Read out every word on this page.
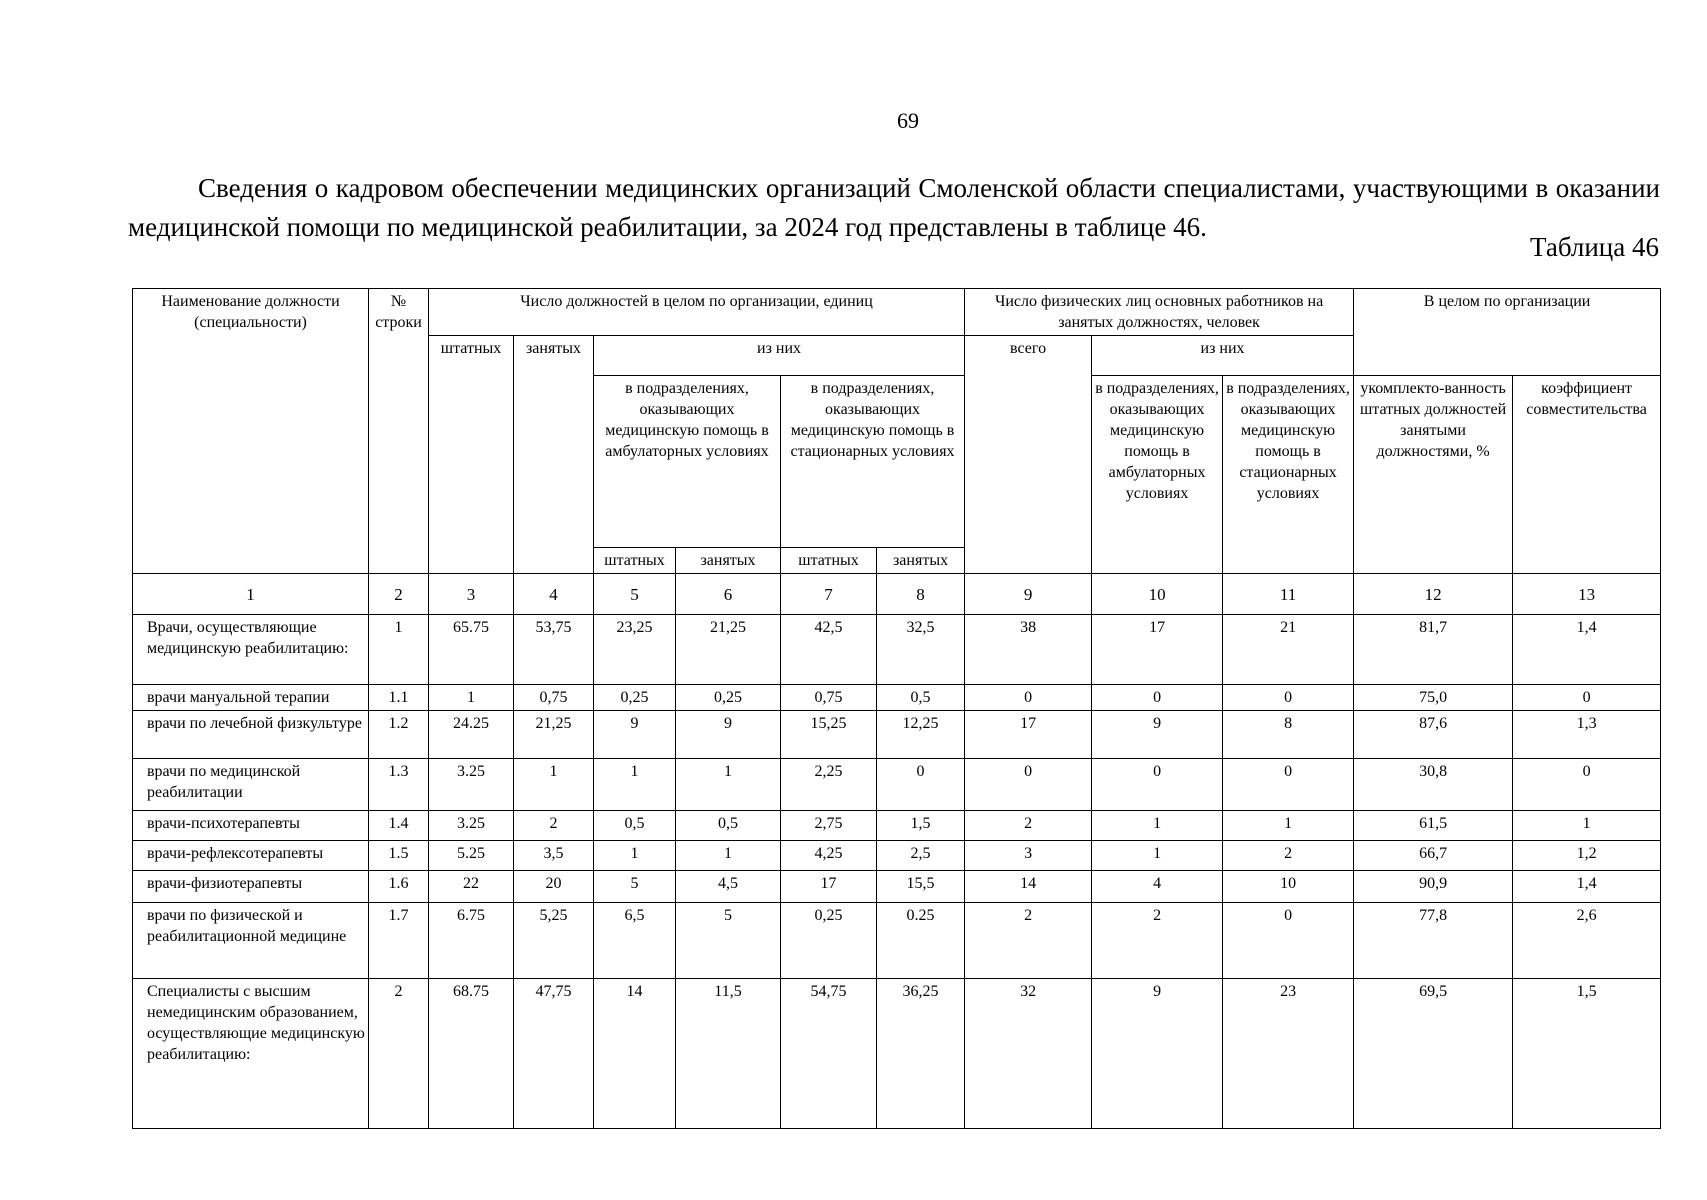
69

Сведения о кадровом обеспечении медицинских организаций Смоленской области специалистами, участвующими в оказании медицинской помощи по медицинской реабилитации, за 2024 год представлены в таблице 46.

Таблица 46
Наименование должности (специальности)	№ строки	Число должностей в целом по организации, единиц						Число физических лиц основных работников на занятых должностях, человек			В целом по организации	
		штатных	занятых	из них				всего	из них			
				в подразделениях, оказывающих медицинскую помощь в амбулаторных условиях		в подразделениях, оказывающих медицинскую помощь в стационарных условиях			в подразделениях, оказывающих медицинскую помощь в амбулаторных условиях	в подразделениях, оказывающих медицинскую помощь в стационарных условиях	укомплекто-ванность штатных должностей занятыми должностями, %	коэффициент совместительства
				штатных	занятых	штатных	занятых					
1	2	3	4	5	6	7	8	9	10	11	12	13
Врачи, осуществляющие медицинскую реабилитацию:	1	65.75	53,75	23,25	21,25	42,5	32,5	38	17	21	81,7	1,4
врачи мануальной терапии	1.1	1	0,75	0,25	0,25	0,75	0,5	0	0	0	75,0	0
врачи по лечебной физкультуре	1.2	24.25	21,25	9	9	15,25	12,25	17	9	8	87,6	1,3
врачи по медицинской реабилитации	1.3	3.25	1	1	1	2,25	0	0	0	0	30,8	0
врачи-психотерапевты	1.4	3.25	2	0,5	0,5	2,75	1,5	2	1	1	61,5	1
врачи-рефлексотерапевты	1.5	5.25	3,5	1	1	4,25	2,5	3	1	2	66,7	1,2
врачи-физиотерапевты	1.6	22	20	5	4,5	17	15,5	14	4	10	90,9	1,4
врачи по физической и реабилитационной медицине	1.7	6.75	5,25	6,5	5	0,25	0.25	2	2	0	77,8	2,6
Специалисты с высшим немедицинским образованием, осуществляющие медицинскую реабилитацию:	2	68.75	47,75	14	11,5	54,75	36,25	32	9	23	69,5	1,5
